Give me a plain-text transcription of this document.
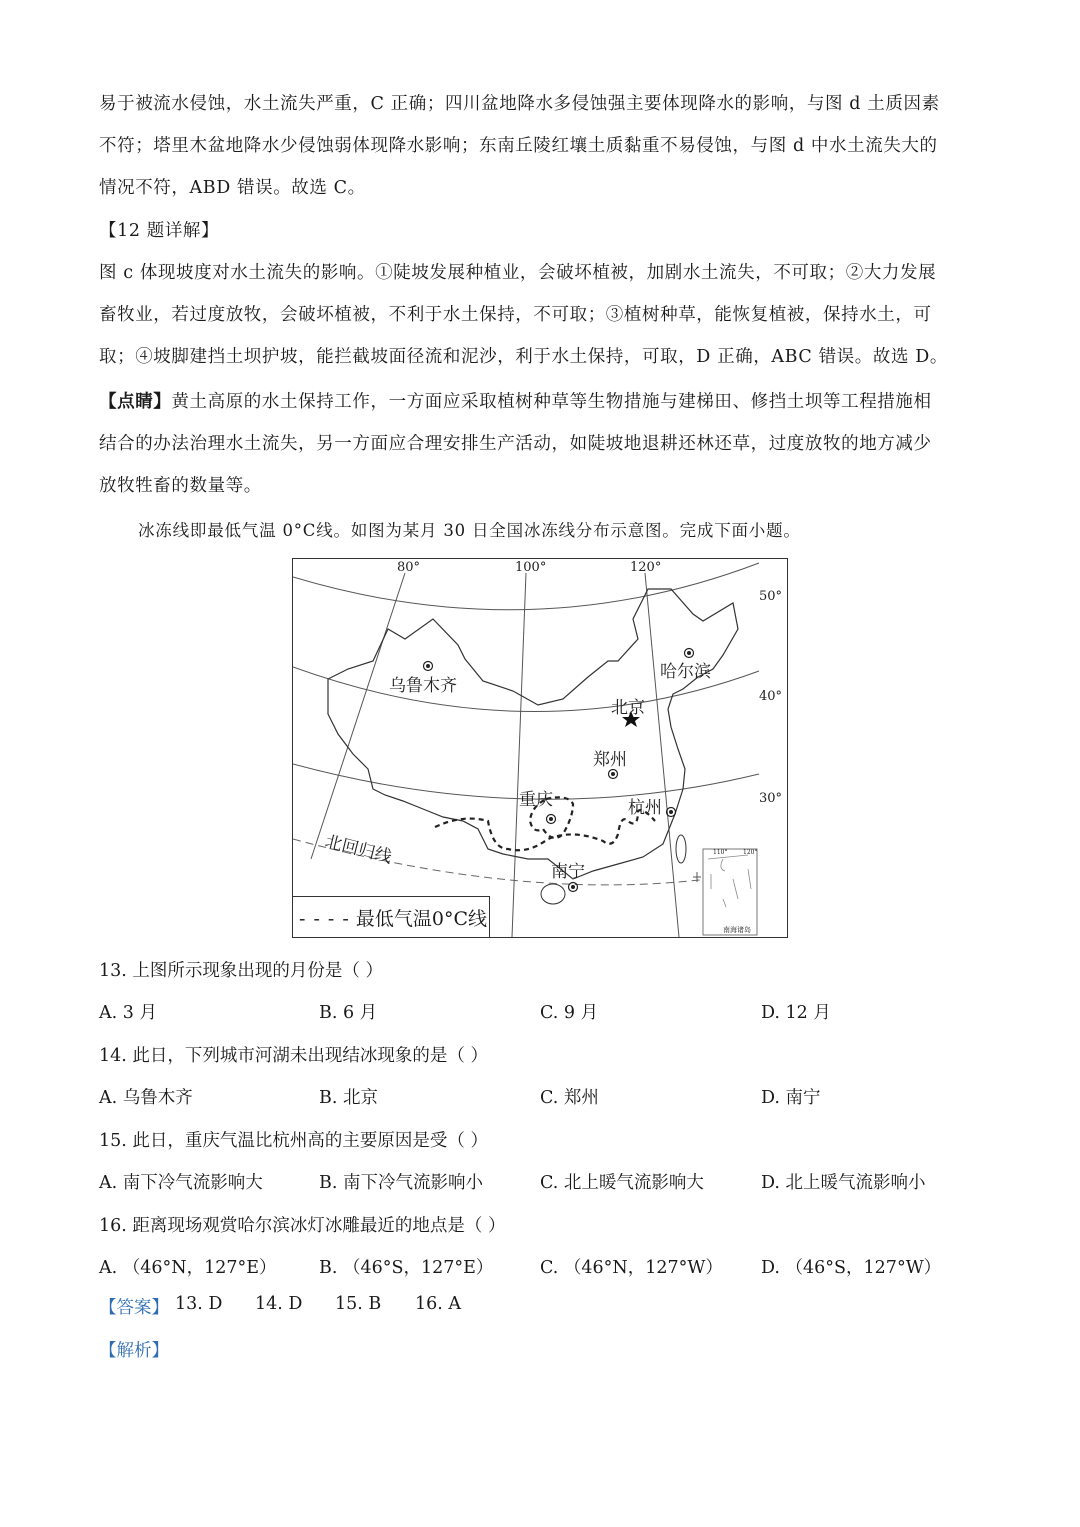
易于被流水侵蚀，水土流失严重，C 正确；四川盆地降水多侵蚀强主要体现降水的影响，与图 d 土质因素
不符；塔里木盆地降水少侵蚀弱体现降水影响；东南丘陵红壤土质黏重不易侵蚀，与图 d 中水土流失大的
情况不符，ABD 错误。故选 C。
【12 题详解】
图 c 体现坡度对水土流失的影响。①陡坡发展种植业，会破坏植被，加剧水土流失，不可取；②大力发展
畜牧业，若过度放牧，会破坏植被，不利于水土保持，不可取；③植树种草，能恢复植被，保持水土，可
取；④坡脚建挡土坝护坡，能拦截坡面径流和泥沙，利于水土保持，可取，D 正确，ABC 错误。故选 D。
【点睛】黄土高原的水土保持工作，一方面应采取植树种草等生物措施与建梯田、修挡土坝等工程措施相
结合的办法治理水土流失，另一方面应合理安排生产活动，如陡坡地退耕还林还草，过度放牧的地方减少
放牧牲畜的数量等。
冰冻线即最低气温 0°C线。如图为某月 30 日全国冰冻线分布示意图。完成下面小题。
80°	100°	120°
50°
40°
30°
乌鲁木齐
哈尔滨
北京
郑州
重庆	杭州
南宁
北回归线	110°	120°
南海诸岛
- - - - 最低气温0°C线
13. 上图所示现象出现的月份是（ ）
A. 3 月	B. 6 月	C. 9 月	D. 12 月
14. 此日，下列城市河湖未出现结冰现象的是（ ）
A. 乌鲁木齐	B. 北京	C. 郑州	D. 南宁
15. 此日，重庆气温比杭州高的主要原因是受（ ）
A. 南下冷气流影响大	B. 南下冷气流影响小	C. 北上暖气流影响大	D. 北上暖气流影响小
16. 距离现场观赏哈尔滨冰灯冰雕最近的地点是（ ）
A. （46°N，127°E） B. （46°S，127°E）	C. （46°N，127°W） D. （46°S，127°W）
【答案】 13. D 14. D 15. B 16. A
【解析】
